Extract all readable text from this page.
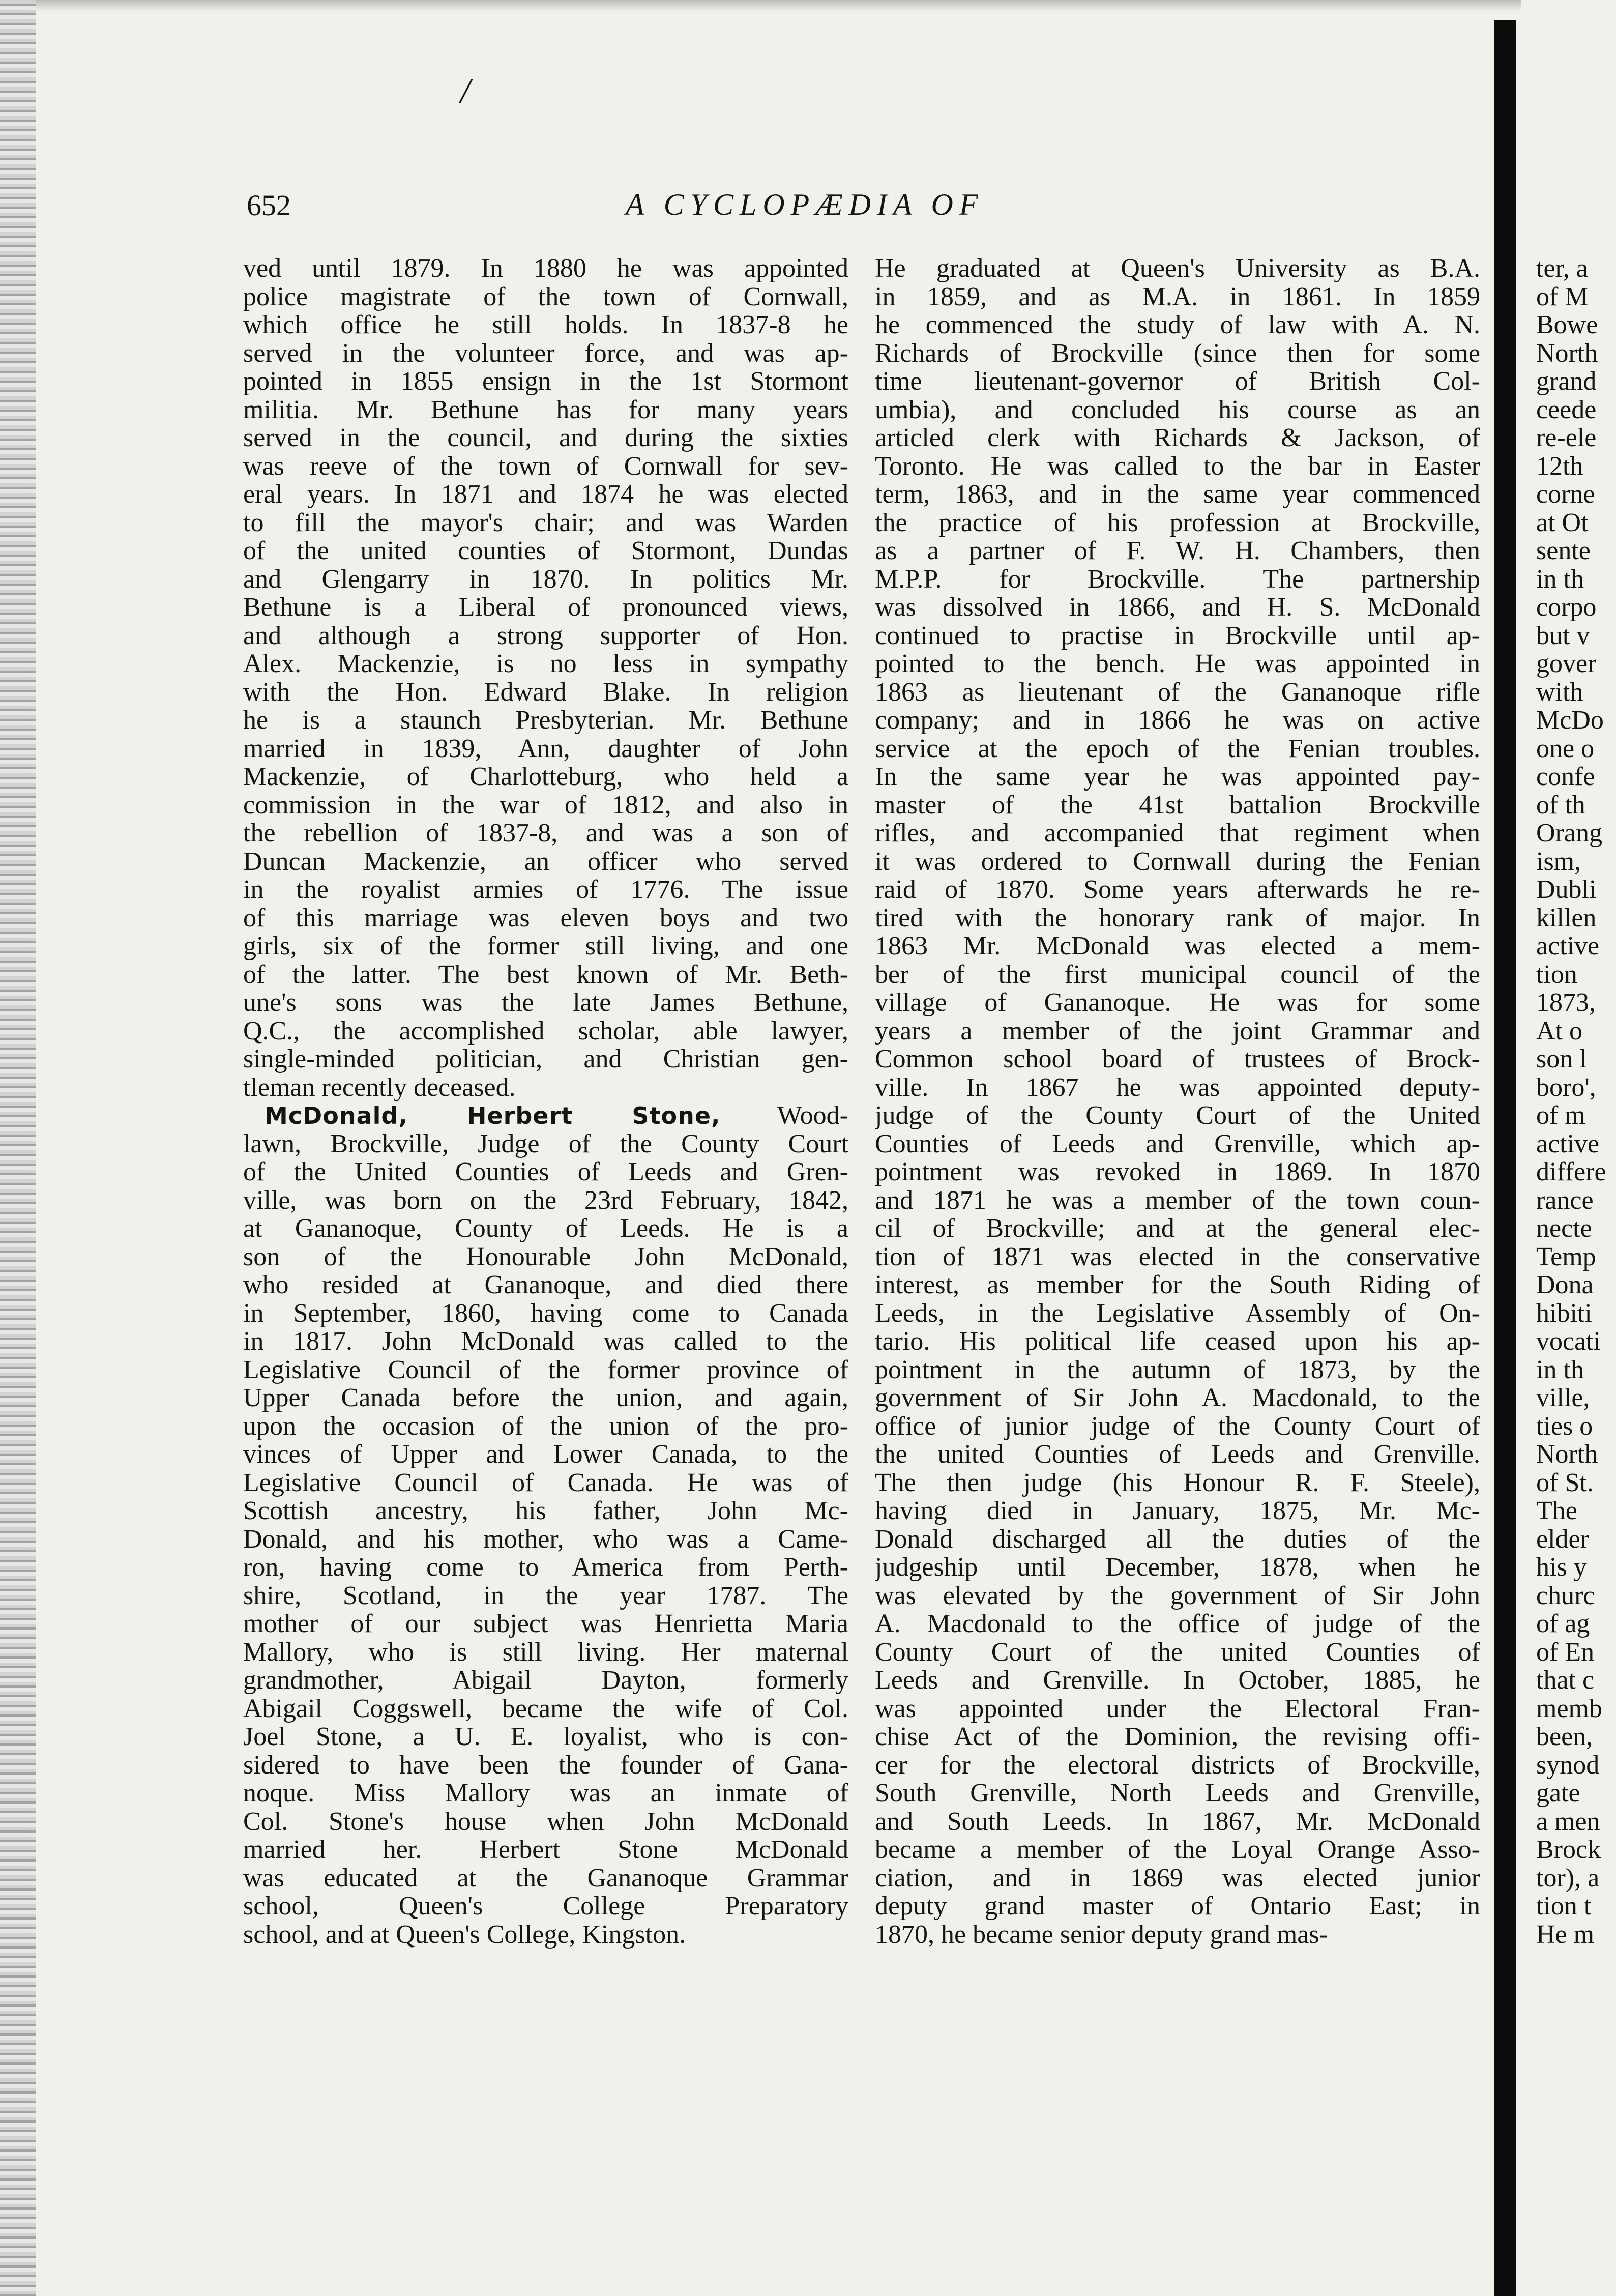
/
652	A CYCLOPÆDIA OF
ved until 1879. In 1880 he was appointed
police magistrate of the town of Cornwall,
which office he still holds. In 1837-8 he
served in the volunteer force, and was ap-
pointed in 1855 ensign in the 1st Stormont
militia. Mr. Bethune has for many years
served in the council, and during the sixties
was reeve of the town of Cornwall for sev-
eral years. In 1871 and 1874 he was elected
to fill the mayor's chair; and was Warden
of the united counties of Stormont, Dundas
and Glengarry in 1870. In politics Mr.
Bethune is a Liberal of pronounced views,
and although a strong supporter of Hon.
Alex. Mackenzie, is no less in sympathy
with the Hon. Edward Blake. In religion
he is a staunch Presbyterian. Mr. Bethune
married in 1839, Ann, daughter of John
Mackenzie, of Charlotteburg, who held a
commission in the war of 1812, and also in
the rebellion of 1837-8, and was a son of
Duncan Mackenzie, an officer who served
in the royalist armies of 1776. The issue
of this marriage was eleven boys and two
girls, six of the former still living, and one
of the latter. The best known of Mr. Beth-
une's sons was the late James Bethune,
Q.C., the accomplished scholar, able lawyer,
single-minded politician, and Christian gen-
tleman recently deceased.
McDonald, Herbert Stone, Wood-
lawn, Brockville, Judge of the County Court
of the United Counties of Leeds and Gren-
ville, was born on the 23rd February, 1842,
at Gananoque, County of Leeds. He is a
son of the Honourable John McDonald,
who resided at Gananoque, and died there
in September, 1860, having come to Canada
in 1817. John McDonald was called to the
Legislative Council of the former province of
Upper Canada before the union, and again,
upon the occasion of the union of the pro-
vinces of Upper and Lower Canada, to the
Legislative Council of Canada. He was of
Scottish ancestry, his father, John Mc-
Donald, and his mother, who was a Came-
ron, having come to America from Perth-
shire, Scotland, in the year 1787. The
mother of our subject was Henrietta Maria
Mallory, who is still living. Her maternal
grandmother, Abigail Dayton, formerly
Abigail Coggswell, became the wife of Col.
Joel Stone, a U. E. loyalist, who is con-
sidered to have been the founder of Gana-
noque. Miss Mallory was an inmate of
Col. Stone's house when John McDonald
married her. Herbert Stone McDonald
was educated at the Gananoque Grammar
school, Queen's College Preparatory
school, and at Queen's College, Kingston.
He graduated at Queen's University as B.A.
in 1859, and as M.A. in 1861. In 1859
he commenced the study of law with A. N.
Richards of Brockville (since then for some
time lieutenant-governor of British Col-
umbia), and concluded his course as an
articled clerk with Richards & Jackson, of
Toronto. He was called to the bar in Easter
term, 1863, and in the same year commenced
the practice of his profession at Brockville,
as a partner of F. W. H. Chambers, then
M.P.P. for Brockville. The partnership
was dissolved in 1866, and H. S. McDonald
continued to practise in Brockville until ap-
pointed to the bench. He was appointed in
1863 as lieutenant of the Gananoque rifle
company; and in 1866 he was on active
service at the epoch of the Fenian troubles.
In the same year he was appointed pay-
master of the 41st battalion Brockville
rifles, and accompanied that regiment when
it was ordered to Cornwall during the Fenian
raid of 1870. Some years afterwards he re-
tired with the honorary rank of major. In
1863 Mr. McDonald was elected a mem-
ber of the first municipal council of the
village of Gananoque. He was for some
years a member of the joint Grammar and
Common school board of trustees of Brock-
ville. In 1867 he was appointed deputy-
judge of the County Court of the United
Counties of Leeds and Grenville, which ap-
pointment was revoked in 1869. In 1870
and 1871 he was a member of the town coun-
cil of Brockville; and at the general elec-
tion of 1871 was elected in the conservative
interest, as member for the South Riding of
Leeds, in the Legislative Assembly of On-
tario. His political life ceased upon his ap-
pointment in the autumn of 1873, by the
government of Sir John A. Macdonald, to the
office of junior judge of the County Court of
the united Counties of Leeds and Grenville.
The then judge (his Honour R. F. Steele),
having died in January, 1875, Mr. Mc-
Donald discharged all the duties of the
judgeship until December, 1878, when he
was elevated by the government of Sir John
A. Macdonald to the office of judge of the
County Court of the united Counties of
Leeds and Grenville. In October, 1885, he
was appointed under the Electoral Fran-
chise Act of the Dominion, the revising offi-
cer for the electoral districts of Brockville,
South Grenville, North Leeds and Grenville,
and South Leeds. In 1867, Mr. McDonald
became a member of the Loyal Orange Asso-
ciation, and in 1869 was elected junior
deputy grand master of Ontario East; in
1870, he became senior deputy grand mas-
ter, a
of M
Bowe
North
grand
ceede
re-ele
12th
corne
at Ot
sente
in th
corpo
but v
gover
with
McDo
one o
confe
of th
Orang
ism,
Dubli
killen
active
tion
1873,
At o
son l
boro',
of m
active
differe
rance
necte
Temp
Dona
hibiti
vocati
in th
ville,
ties o
North
of St.
The
elder
his y
churc
of ag
of En
that c
memb
been,
synod
gate
a men
Brock
tor), a
tion t
He m
